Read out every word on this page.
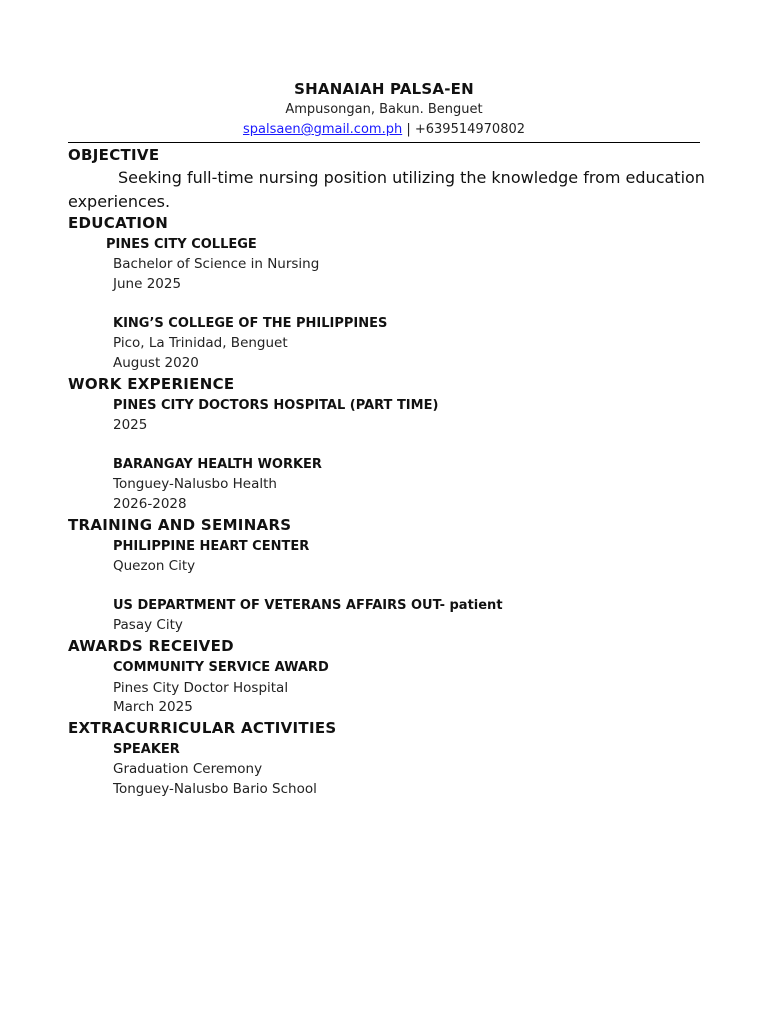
SHANAIAH PALSA-EN
Ampusongan, Bakun. Benguet
spalsaen@gmail.com.ph | +639514970802
OBJECTIVE
Seeking full-time nursing position utilizing the knowledge from education experiences.
EDUCATION
PINES CITY COLLEGE
Bachelor of Science in Nursing
June 2025
KING’S COLLEGE OF THE PHILIPPINES
Pico, La Trinidad, Benguet
August 2020
WORK EXPERIENCE
PINES CITY DOCTORS HOSPITAL (PART TIME)
2025
BARANGAY HEALTH WORKER
Tonguey-Nalusbo Health
2026-2028
TRAINING AND SEMINARS
PHILIPPINE HEART CENTER
Quezon City
US DEPARTMENT OF VETERANS AFFAIRS OUT- patient
Pasay City
AWARDS RECEIVED
COMMUNITY SERVICE AWARD
Pines City Doctor Hospital
March 2025
EXTRACURRICULAR ACTIVITIES
SPEAKER
Graduation Ceremony
Tonguey-Nalusbo Bario School
